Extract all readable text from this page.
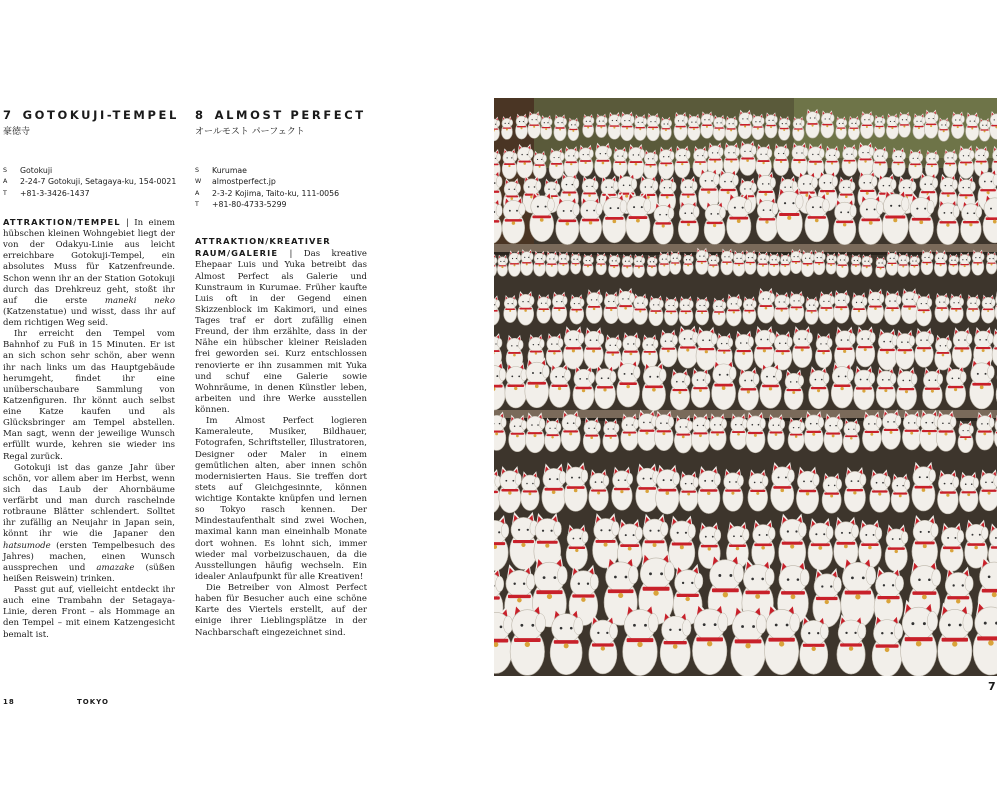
7 GOTOKUJI-TEMPEL
豪徳寺
S	Gotokuji
A	2-24-7 Gotokuji, Setagaya-ku, 154-0021
T	+81-3-3426-1437

ATTRAKTION/TEMPEL | In einem hübschen kleinen Wohngebiet liegt der von der Odakyu-Linie aus leicht erreichbare Gotokuji-Tempel, ein absolutes Muss für Katzenfreunde. Schon wenn ihr an der Station Gotokuji durch das Drehkreuz geht, stoßt ihr auf die erste maneki neko (Katzenstatue) und wisst, dass ihr auf dem richtigen Weg seid.

Ihr erreicht den Tempel vom Bahnhof zu Fuß in 15 Minuten. Er ist an sich schon sehr schön, aber wenn ihr nach links um das Hauptgebäude herumgeht, findet ihr eine unüberschaubare Sammlung von Katzenfiguren. Ihr könnt auch selbst eine Katze kaufen und als Glücksbringer am Tempel abstellen. Man sagt, wenn der jeweilige Wunsch erfüllt wurde, kehren sie wieder ins Regal zurück.

Gotokuji ist das ganze Jahr über schön, vor allem aber im Herbst, wenn sich das Laub der Ahornbäume verfärbt und man durch raschelnde rotbraune Blätter schlendert. Solltet ihr zufällig an Neujahr in Japan sein, könnt ihr wie die Japaner den hatsumode (ersten Tempelbesuch des Jahres) machen, einen Wunsch aussprechen und amazake (süßen heißen Reiswein) trinken.

Passt gut auf, vielleicht entdeckt ihr auch eine Trambahn der Setagaya-Linie, deren Front – als Hommage an den Tempel – mit einem Katzengesicht bemalt ist.

8 ALMOST PERFECT
オールモスト パーフェクト
S	Kurumae
W	almostperfect.jp
A	2-3-2 Kojima, Taito-ku, 111-0056
T	+81-80-4733-5299

ATTRAKTION/KREATIVER RAUM/GALERIE | Das kreative Ehepaar Luis und Yuka betreibt das Almost Perfect als Galerie und Kunstraum in Kurumae. Früher kaufte Luis oft in der Gegend einen Skizzenblock im Kakimori, und eines Tages traf er dort zufällig einen Freund, der ihm erzählte, dass in der Nähe ein hübscher kleiner Reisladen frei geworden sei. Kurz entschlossen renovierte er ihn zusammen mit Yuka und schuf eine Galerie sowie Wohnräume, in denen Künstler leben, arbeiten und ihre Werke ausstellen können.

Im Almost Perfect logieren Kameraleute, Musiker, Bildhauer, Fotografen, Schriftsteller, Illustratoren, Designer oder Maler in einem gemütlichen alten, aber innen schön modernisierten Haus. Sie treffen dort stets auf Gleichgesinnte, können wichtige Kontakte knüpfen und lernen so Tokyo rasch kennen. Der Mindestaufenthalt sind zwei Wochen, maximal kann man eineinhalb Monate dort wohnen. Es lohnt sich, immer wieder mal vorbeizuschauen, da die Ausstellungen häufig wechseln. Ein idealer Anlaufpunkt für alle Kreativen!

Die Betreiber von Almost Perfect haben für Besucher auch eine schöne Karte des Viertels erstellt, auf der einige ihrer Lieblingsplätze in der Nachbarschaft eingezeichnet sind.

18	TOKYO
7
